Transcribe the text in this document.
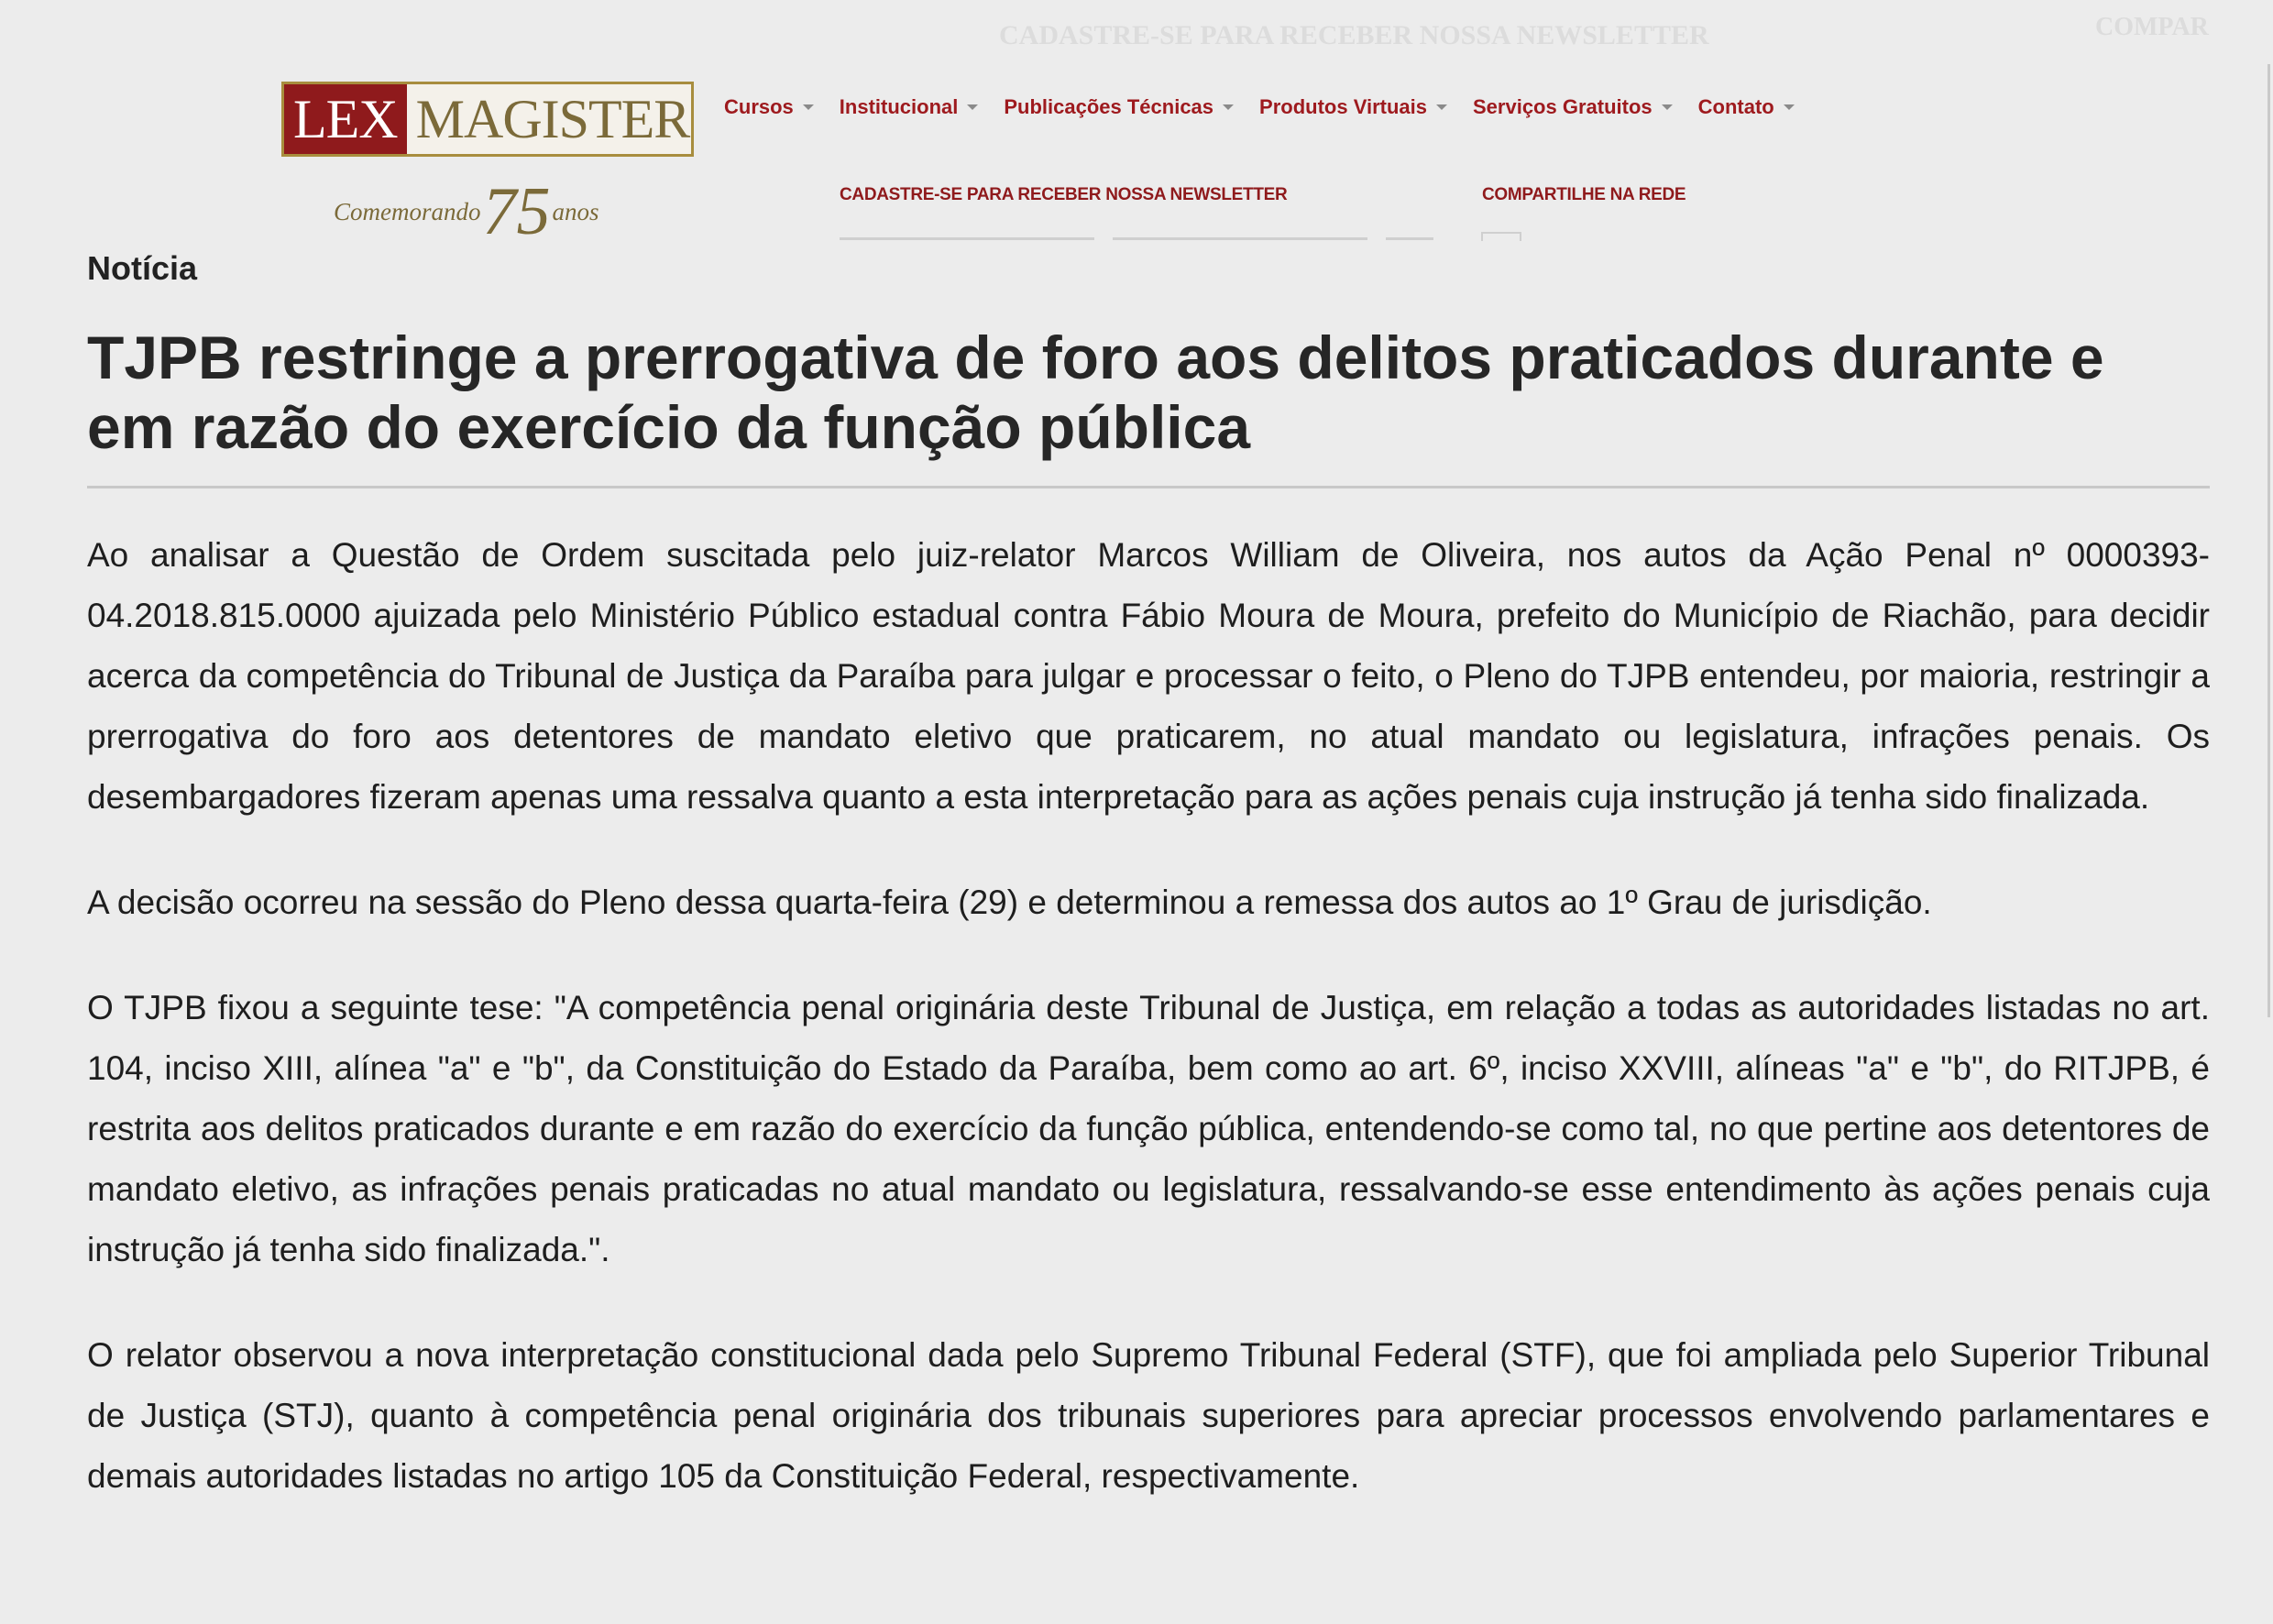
CADASTRE-SE PARA RECEBER NOSSA NEWSLETTER	COMPAR
LEX MAGISTER
Comemorando 75 anos
Cursos Institucional Publicações Técnicas Produtos Virtuais Serviços Gratuitos Contato
CADASTRE-SE PARA RECEBER NOSSA NEWSLETTER	COMPARTILHE NA REDE
Notícia
TJPB restringe a prerrogativa de foro aos delitos praticados durante e em razão do exercício da função pública

Ao analisar a Questão de Ordem suscitada pelo juiz-relator Marcos William de Oliveira, nos autos da Ação Penal nº 0000393-04.2018.815.0000 ajuizada pelo Ministério Público estadual contra Fábio Moura de Moura, prefeito do Município de Riachão, para decidir acerca da competência do Tribunal de Justiça da Paraíba para julgar e processar o feito, o Pleno do TJPB entendeu, por maioria, restringir a prerrogativa do foro aos detentores de mandato eletivo que praticarem, no atual mandato ou legislatura, infrações penais. Os desembargadores fizeram apenas uma ressalva quanto a esta interpretação para as ações penais cuja instrução já tenha sido finalizada.

A decisão ocorreu na sessão do Pleno dessa quarta-feira (29) e determinou a remessa dos autos ao 1º Grau de jurisdição.

O TJPB fixou a seguinte tese: "A competência penal originária deste Tribunal de Justiça, em relação a todas as autoridades listadas no art. 104, inciso XIII, alínea "a" e "b", da Constituição do Estado da Paraíba, bem como ao art. 6º, inciso XXVIII, alíneas "a" e "b", do RITJPB, é restrita aos delitos praticados durante e em razão do exercício da função pública, entendendo-se como tal, no que pertine aos detentores de mandato eletivo, as infrações penais praticadas no atual mandato ou legislatura, ressalvando-se esse entendimento às ações penais cuja instrução já tenha sido finalizada.".

O relator observou a nova interpretação constitucional dada pelo Supremo Tribunal Federal (STF), que foi ampliada pelo Superior Tribunal de Justiça (STJ), quanto à competência penal originária dos tribunais superiores para apreciar processos envolvendo parlamentares e demais autoridades listadas no artigo 105 da Constituição Federal, respectivamente.
